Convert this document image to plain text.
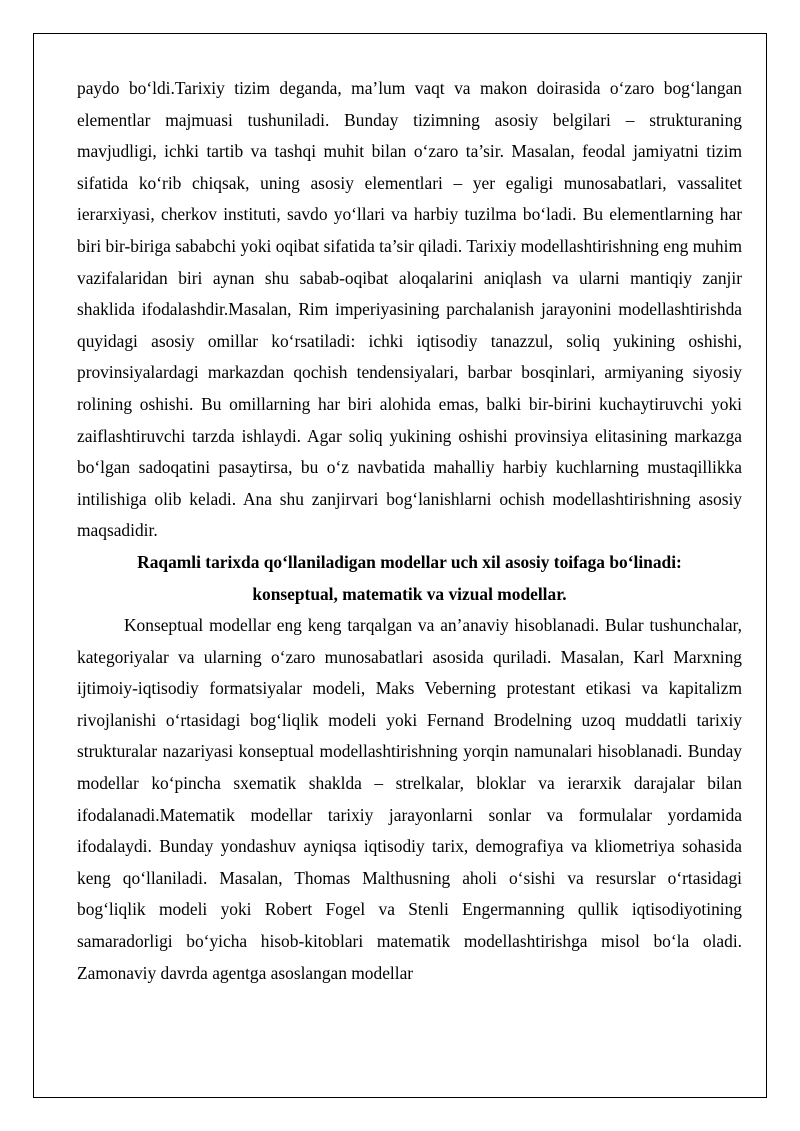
paydo bo‘ldi.Tarixiy tizim deganda, ma’lum vaqt va makon doirasida o‘zaro bog‘langan elementlar majmuasi tushuniladi. Bunday tizimning asosiy belgilari – strukturaning mavjudligi, ichki tartib va tashqi muhit bilan o‘zaro ta’sir. Masalan, feodal jamiyatni tizim sifatida ko‘rib chiqsak, uning asosiy elementlari – yer egaligi munosabatlari, vassalitet ierarxiyasi, cherkov instituti, savdo yo‘llari va harbiy tuzilma bo‘ladi. Bu elementlarning har biri bir-biriga sababchi yoki oqibat sifatida ta’sir qiladi. Tarixiy modellashtirishning eng muhim vazifalaridan biri aynan shu sabab-oqibat aloqalarini aniqlash va ularni mantiqiy zanjir shaklida ifodalashdir.Masalan, Rim imperiyasining parchalanish jarayonini modellashtirishda quyidagi asosiy omillar ko‘rsatiladi: ichki iqtisodiy tanazzul, soliq yukining oshishi, provinsiyalardagi markazdan qochish tendensiyalari, barbar bosqinlari, armiyaning siyosiy rolining oshishi. Bu omillarning har biri alohida emas, balki bir-birini kuchaytiruvchi yoki zaiflashtiruvchi tarzda ishlaydi. Agar soliq yukining oshishi provinsiya elitasining markazga bo‘lgan sadoqatini pasaytirsa, bu o‘z navbatida mahalliy harbiy kuchlarning mustaqillikka intilishiga olib keladi. Ana shu zanjirvari bog‘lanishlarni ochish modellashtirishning asosiy maqsadidir.

Raqamli tarixda qo‘llaniladigan modellar uch xil asosiy toifaga bo‘linadi:

konseptual, matematik va vizual modellar.

Konseptual modellar eng keng tarqalgan va an’anaviy hisoblanadi. Bular tushunchalar, kategoriyalar va ularning o‘zaro munosabatlari asosida quriladi. Masalan, Karl Marxning ijtimoiy-iqtisodiy formatsiyalar modeli, Maks Veberning protestant etikasi va kapitalizm rivojlanishi o‘rtasidagi bog‘liqlik modeli yoki Fernand Brodelning uzoq muddatli tarixiy strukturalar nazariyasi konseptual modellashtirishning yorqin namunalari hisoblanadi. Bunday modellar ko‘pincha sxematik shaklda – strelkalar, bloklar va ierarxik darajalar bilan ifodalanadi.Matematik modellar tarixiy jarayonlarni sonlar va formulalar yordamida ifodalaydi. Bunday yondashuv ayniqsa iqtisodiy tarix, demografiya va kliometriya sohasida keng qo‘llaniladi. Masalan, Thomas Malthusning aholi o‘sishi va resurslar o‘rtasidagi bog‘liqlik modeli yoki Robert Fogel va Stenli Engermanning qullik iqtisodiyotining samaradorligi bo‘yicha hisob-kitoblari matematik modellashtirishga misol bo‘la oladi. Zamonaviy davrda agentga asoslangan modellar
